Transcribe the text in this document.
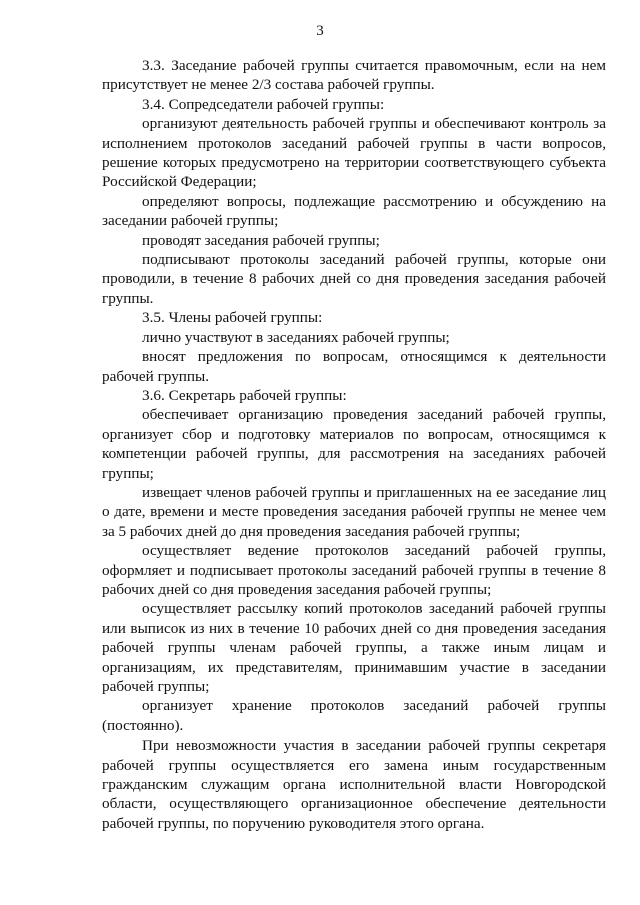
3

3.3. Заседание рабочей группы считается правомочным, если на нем присутствует не менее 2/3 состава рабочей группы.

3.4. Сопредседатели рабочей группы:

организуют деятельность рабочей группы и обеспечивают контроль за исполнением протоколов заседаний рабочей группы в части вопросов, решение которых предусмотрено на территории соответствующего субъекта Российской Федерации;

определяют вопросы, подлежащие рассмотрению и обсуждению на заседании рабочей группы;

проводят заседания рабочей группы;

подписывают протоколы заседаний рабочей группы, которые они проводили, в течение 8 рабочих дней со дня проведения заседания рабочей группы.

3.5. Члены рабочей группы:

лично участвуют в заседаниях рабочей группы;

вносят предложения по вопросам, относящимся к деятельности рабочей группы.

3.6. Секретарь рабочей группы:

обеспечивает организацию проведения заседаний рабочей группы, организует сбор и подготовку материалов по вопросам, относящимся к компетенции рабочей группы, для рассмотрения на заседаниях рабочей группы;

извещает членов рабочей группы и приглашенных на ее заседание лиц о дате, времени и месте проведения заседания рабочей группы не менее чем за 5 рабочих дней до дня проведения заседания рабочей группы;

осуществляет ведение протоколов заседаний рабочей группы, оформляет и подписывает протоколы заседаний рабочей группы в течение 8 рабочих дней со дня проведения заседания рабочей группы;

осуществляет рассылку копий протоколов заседаний рабочей группы или выписок из них в течение 10 рабочих дней со дня проведения заседания рабочей группы членам рабочей группы, а также иным лицам и организациям, их представителям, принимавшим участие в заседании рабочей группы;

организует хранение протоколов заседаний рабочей группы (постоянно).

При невозможности участия в заседании рабочей группы секретаря рабочей группы осуществляется его замена иным государственным гражданским служащим органа исполнительной власти Новгородской области, осуществляющего организационное обеспечение деятельности рабочей группы, по поручению руководителя этого органа.
